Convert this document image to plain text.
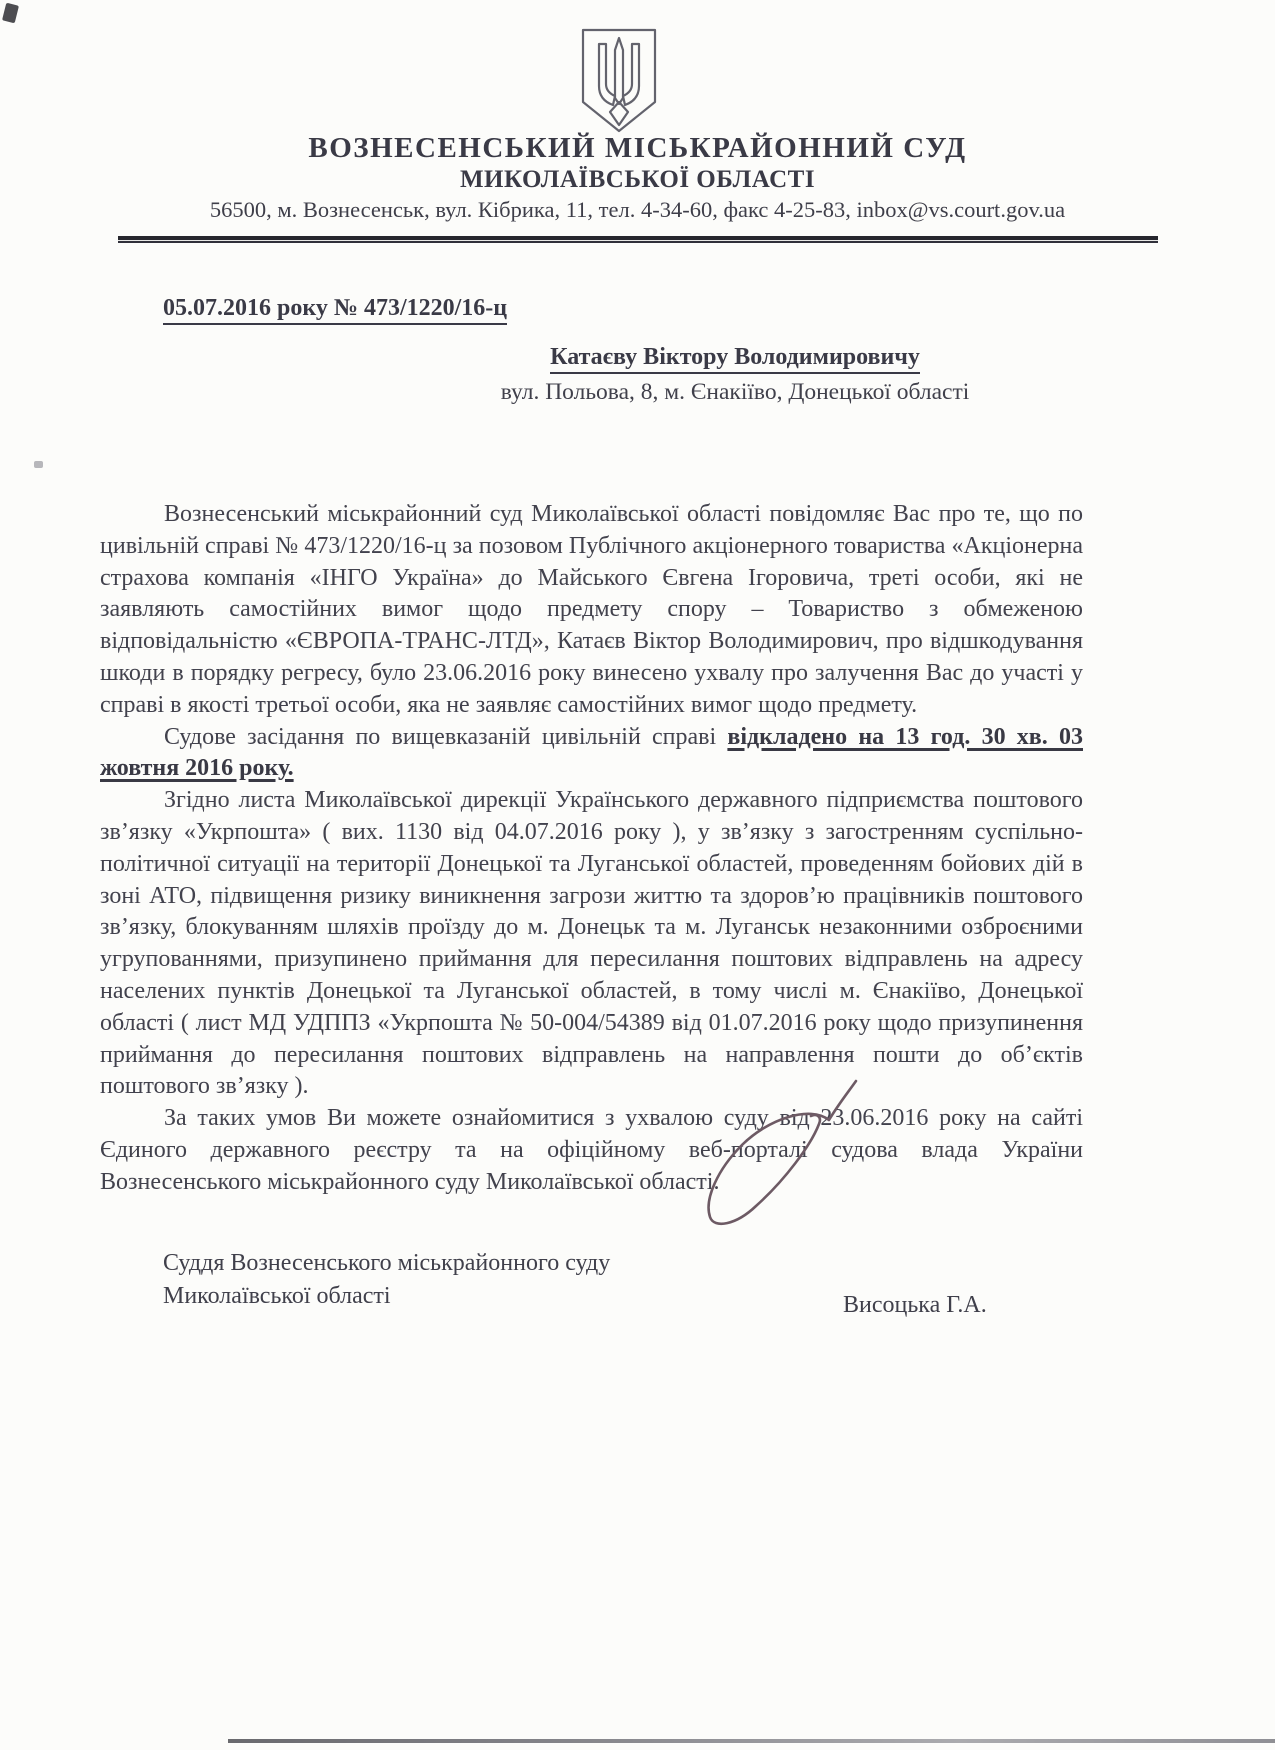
ВОЗНЕСЕНСЬКИЙ МІСЬКРАЙОННИЙ СУД
МИКОЛАЇВСЬКОЇ ОБЛАСТІ
56500, м. Вознесенськ, вул. Кібрика, 11, тел. 4-34-60, факс 4-25-83, inbox@vs.court.gov.ua
05.07.2016 року № 473/1220/16-ц
Катаєву Віктору Володимировичу
вул. Польова, 8, м. Єнакіїво, Донецької області

Вознесенський міськрайонний суд Миколаївської області повідомляє Вас про те, що по цивільній справі № 473/1220/16-ц за позовом Публічного акціонерного товариства «Акціонерна страхова компанія «ІНГО Україна» до Майського Євгена Ігоровича, треті особи, які не заявляють самостійних вимог щодо предмету спору – Товариство з обмеженою відповідальністю «ЄВРОПА-ТРАНС-ЛТД», Катаєв Віктор Володимирович, про відшкодування шкоди в порядку регресу, було 23.06.2016 року винесено ухвалу про залучення Вас до участі у справі в якості третьої особи, яка не заявляє самостійних вимог щодо предмету.

Судове засідання по вищевказаній цивільній справі відкладено на 13 год. 30 хв. 03 жовтня 2016 року.

Згідно листа Миколаївської дирекції Українського державного підприємства поштового зв’язку «Укрпошта» ( вих. 1130 від 04.07.2016 року ), у зв’язку з загостренням суспільно-політичної ситуації на території Донецької та Луганської областей, проведенням бойових дій в зоні АТО, підвищення ризику виникнення загрози життю та здоров’ю працівників поштового зв’язку, блокуванням шляхів проїзду до м. Донецьк та м. Луганськ незаконними озброєними угрупованнями, призупинено приймання для пересилання поштових відправлень на адресу населених пунктів Донецької та Луганської областей, в тому числі м. Єнакіїво, Донецької області ( лист МД УДППЗ «Укрпошта № 50-004/54389 від 01.07.2016 року щодо призупинення приймання до пересилання поштових відправлень на направлення пошти до об’єктів поштового зв’язку ).

За таких умов Ви можете ознайомитися з ухвалою суду від 23.06.2016 року на сайті Єдиного державного реєстру та на офіційному веб-порталі судова влада України Вознесенського міськрайонного суду Миколаївської області.

Суддя Вознесенського міськрайонного суду
Миколаївської області	Висоцька Г.А.
